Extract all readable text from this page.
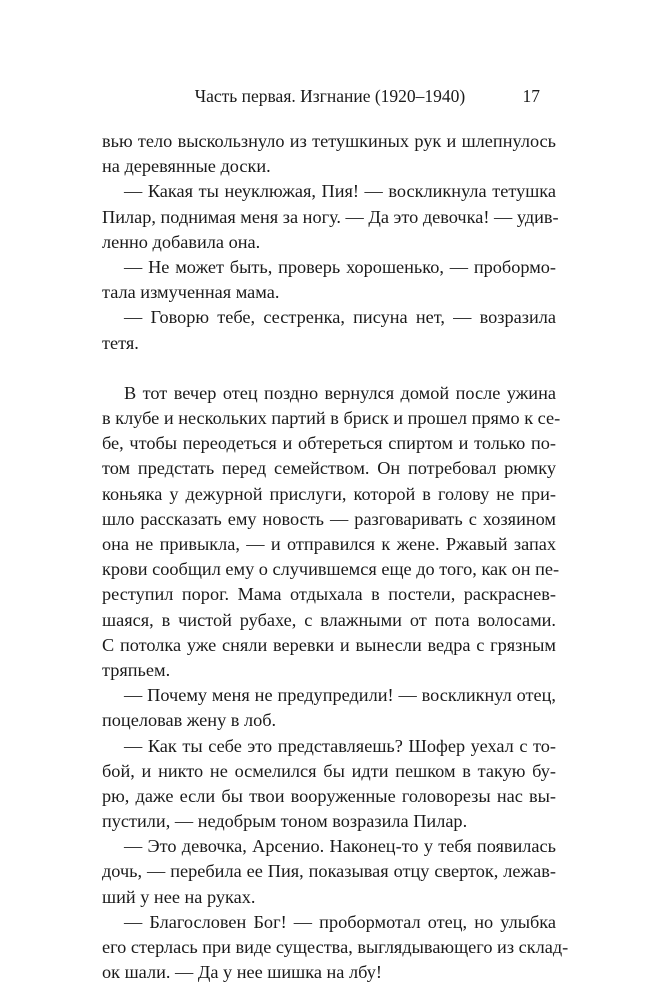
Часть первая. Изгнание (1920–1940)	17
вью тело выскользнуло из тетушкиных рук и шлепнулось
на деревянные доски.
— Какая ты неуклюжая, Пия! — воскликнула тетушка
Пилар, поднимая меня за ногу. — Да это девочка! — удив-
ленно добавила она.
— Не может быть, проверь хорошенько, — пробормо-
тала измученная мама.
— Говорю тебе, сестренка, писуна нет, — возразила
тетя.
В тот вечер отец поздно вернулся домой после ужина
в клубе и нескольких партий в бриск и прошел прямо к се-
бе, чтобы переодеться и обтереться спиртом и только по-
том предстать перед семейством. Он потребовал рюмку
коньяка у дежурной прислуги, которой в голову не при-
шло рассказать ему новость — разговаривать с хозяином
она не привыкла, — и отправился к жене. Ржавый запах
крови сообщил ему о случившемся еще до того, как он пе-
реступил порог. Мама отдыхала в постели, раскраснев-
шаяся, в чистой рубахе, с влажными от пота волосами.
С потолка уже сняли веревки и вынесли ведра с грязным
тряпьем.
— Почему меня не предупредили! — воскликнул отец,
поцеловав жену в лоб.
— Как ты себе это представляешь? Шофер уехал с то-
бой, и никто не осмелился бы идти пешком в такую бу-
рю, даже если бы твои вооруженные головорезы нас вы-
пустили, — недобрым тоном возразила Пилар.
— Это девочка, Арсенио. Наконец-то у тебя появилась
дочь, — перебила ее Пия, показывая отцу сверток, лежав-
ший у нее на руках.
— Благословен Бог! — пробормотал отец, но улыбка
его стерлась при виде существа, выглядывающего из склад-
ок шали. — Да у нее шишка на лбу!
